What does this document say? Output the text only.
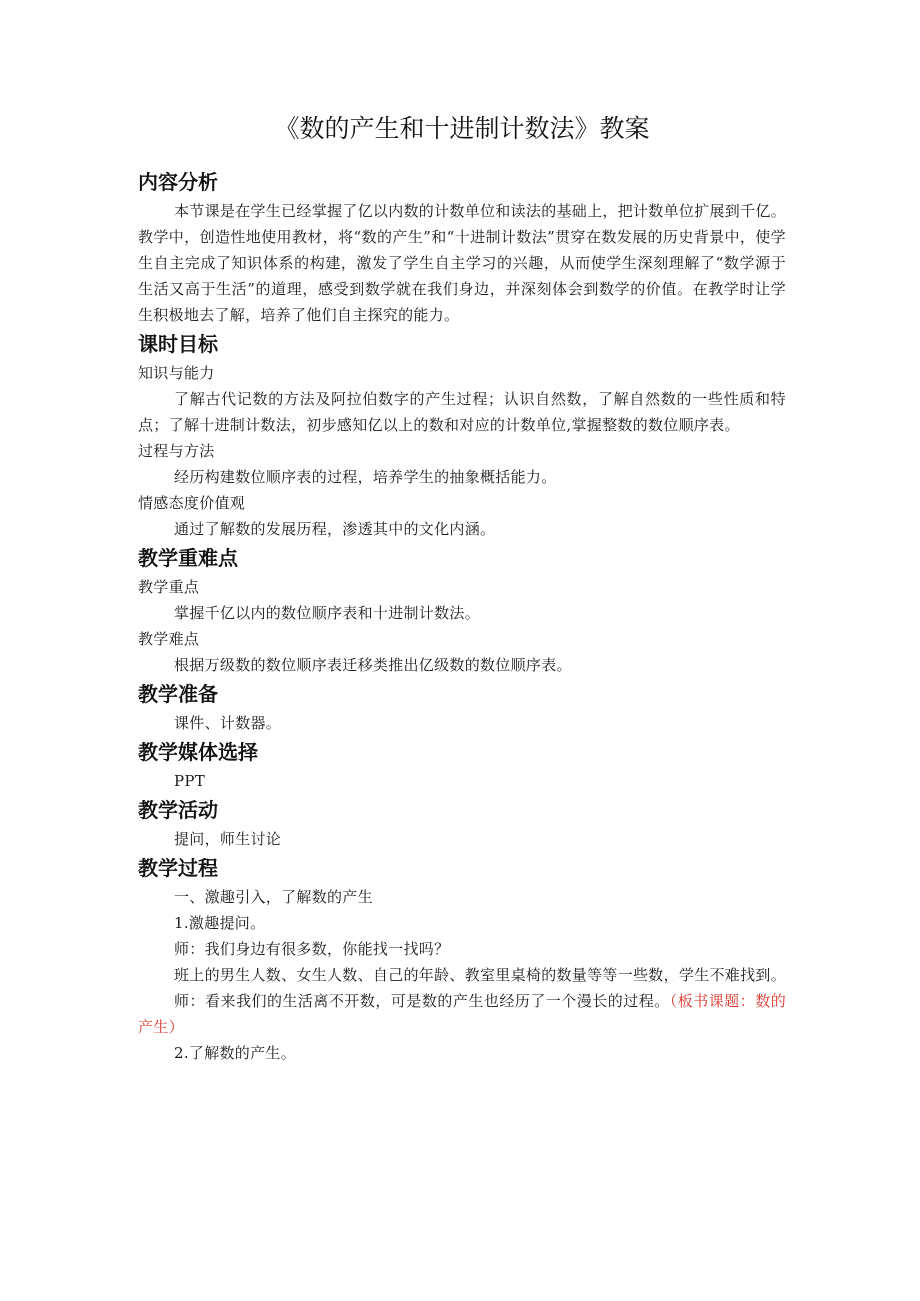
《数的产生和十进制计数法》教案
内容分析

本节课是在学生已经掌握了亿以内数的计数单位和读法的基础上，把计数单位扩展到千亿。教学中，创造性地使用教材，将“数的产生”和“十进制计数法”贯穿在数发展的历史背景中，使学生自主完成了知识体系的构建，激发了学生自主学习的兴趣，从而使学生深刻理解了“数学源于生活又高于生活”的道理，感受到数学就在我们身边，并深刻体会到数学的价值。在教学时让学生积极地去了解，培养了他们自主探究的能力。

课时目标

知识与能力

了解古代记数的方法及阿拉伯数字的产生过程；认识自然数，了解自然数的一些性质和特点；了解十进制计数法，初步感知亿以上的数和对应的计数单位,掌握整数的数位顺序表。

过程与方法

经历构建数位顺序表的过程，培养学生的抽象概括能力。

情感态度价值观

通过了解数的发展历程，渗透其中的文化内涵。

教学重难点

教学重点

掌握千亿以内的数位顺序表和十进制计数法。

教学难点

根据万级数的数位顺序表迁移类推出亿级数的数位顺序表。

教学准备

课件、计数器。

教学媒体选择

PPT

教学活动

提问，师生讨论

教学过程

一、激趣引入，了解数的产生

1.激趣提问。

师：我们身边有很多数，你能找一找吗？

班上的男生人数、女生人数、自己的年龄、教室里桌椅的数量等等一些数，学生不难找到。

师：看来我们的生活离不开数，可是数的产生也经历了一个漫长的过程。（板书课题：数的产生）

2.了解数的产生。
